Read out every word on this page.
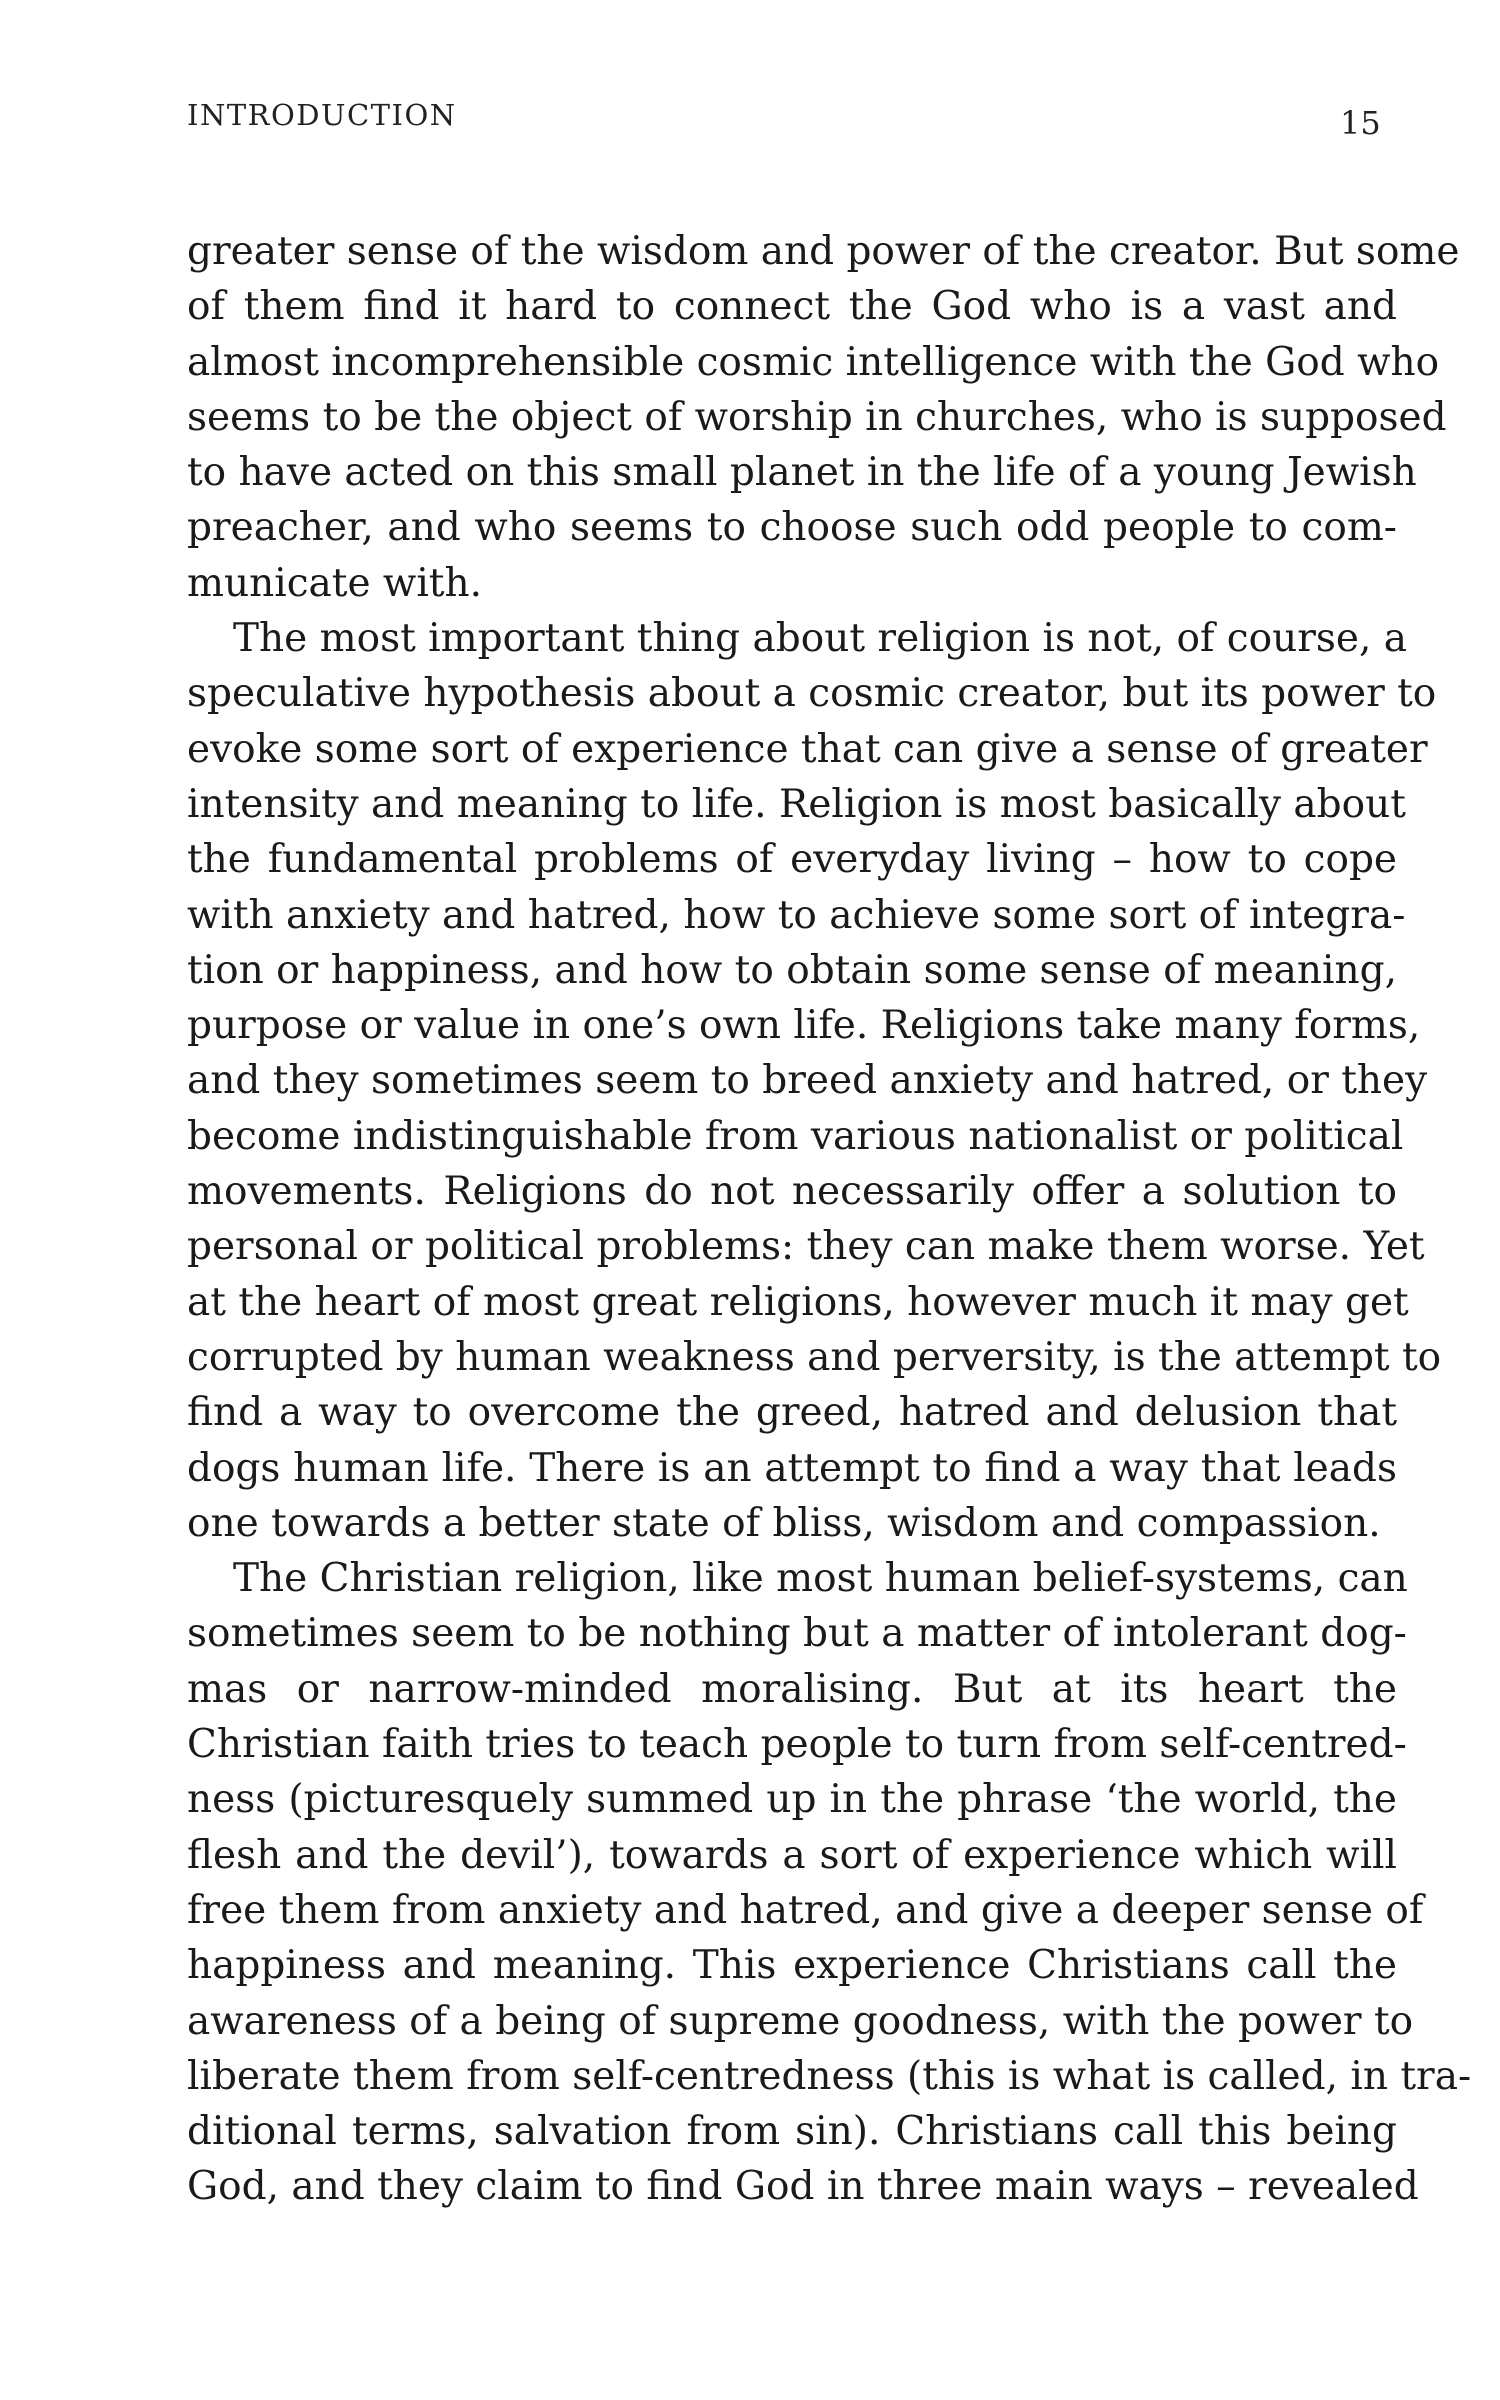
INTRODUCTION	15
greater sense of the wisdom and power of the creator. But some
of them find it hard to connect the God who is a vast and
almost incomprehensible cosmic intelligence with the God who
seems to be the object of worship in churches, who is supposed
to have acted on this small planet in the life of a young Jewish
preacher, and who seems to choose such odd people to com-
municate with.
The most important thing about religion is not, of course, a
speculative hypothesis about a cosmic creator, but its power to
evoke some sort of experience that can give a sense of greater
intensity and meaning to life. Religion is most basically about
the fundamental problems of everyday living – how to cope
with anxiety and hatred, how to achieve some sort of integra-
tion or happiness, and how to obtain some sense of meaning,
purpose or value in one’s own life. Religions take many forms,
and they sometimes seem to breed anxiety and hatred, or they
become indistinguishable from various nationalist or political
movements. Religions do not necessarily offer a solution to
personal or political problems: they can make them worse. Yet
at the heart of most great religions, however much it may get
corrupted by human weakness and perversity, is the attempt to
find a way to overcome the greed, hatred and delusion that
dogs human life. There is an attempt to find a way that leads
one towards a better state of bliss, wisdom and compassion.
The Christian religion, like most human belief-systems, can
sometimes seem to be nothing but a matter of intolerant dog-
mas or narrow-minded moralising. But at its heart the
Christian faith tries to teach people to turn from self-centred-
ness (picturesquely summed up in the phrase ‘the world, the
flesh and the devil’), towards a sort of experience which will
free them from anxiety and hatred, and give a deeper sense of
happiness and meaning. This experience Christians call the
awareness of a being of supreme goodness, with the power to
liberate them from self-centredness (this is what is called, in tra-
ditional terms, salvation from sin). Christians call this being
God, and they claim to find God in three main ways – revealed
